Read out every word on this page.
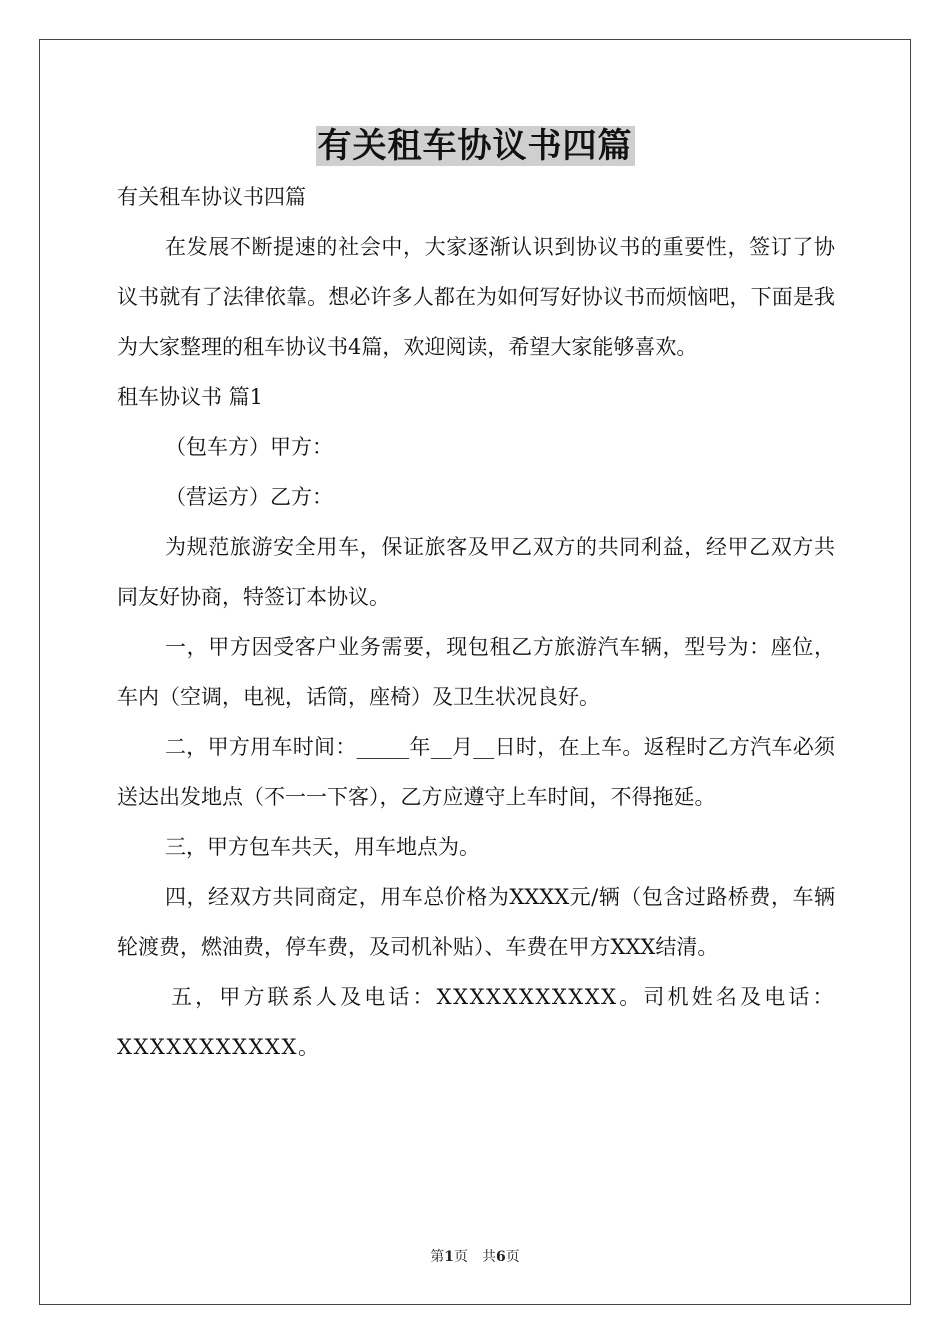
有关租车协议书四篇

有关租车协议书四篇

在发展不断提速的社会中，大家逐渐认识到协议书的重要性，签订了协议书就有了法律依靠。想必许多人都在为如何写好协议书而烦恼吧，下面是我为大家整理的租车协议书4篇，欢迎阅读，希望大家能够喜欢。

租车协议书 篇1

（包车方）甲方：

（营运方）乙方：

为规范旅游安全用车，保证旅客及甲乙双方的共同利益，经甲乙双方共同友好协商，特签订本协议。

一，甲方因受客户业务需要，现包租乙方旅游汽车辆，型号为：座位，车内（空调，电视，话筒，座椅）及卫生状况良好。

二，甲方用车时间：_____年__月__日时，在上车。返程时乙方汽车必须送达出发地点（不一一下客），乙方应遵守上车时间，不得拖延。

三，甲方包车共天，用车地点为。

四，经双方共同商定，用车总价格为XXXX元/辆（包含过路桥费，车辆轮渡费，燃油费，停车费，及司机补贴）、车费在甲方XXX结清。

五，甲方联系人及电话：XXXXXXXXXXX。司机姓名及电话：XXXXXXXXXXX。

第1页　共6页
